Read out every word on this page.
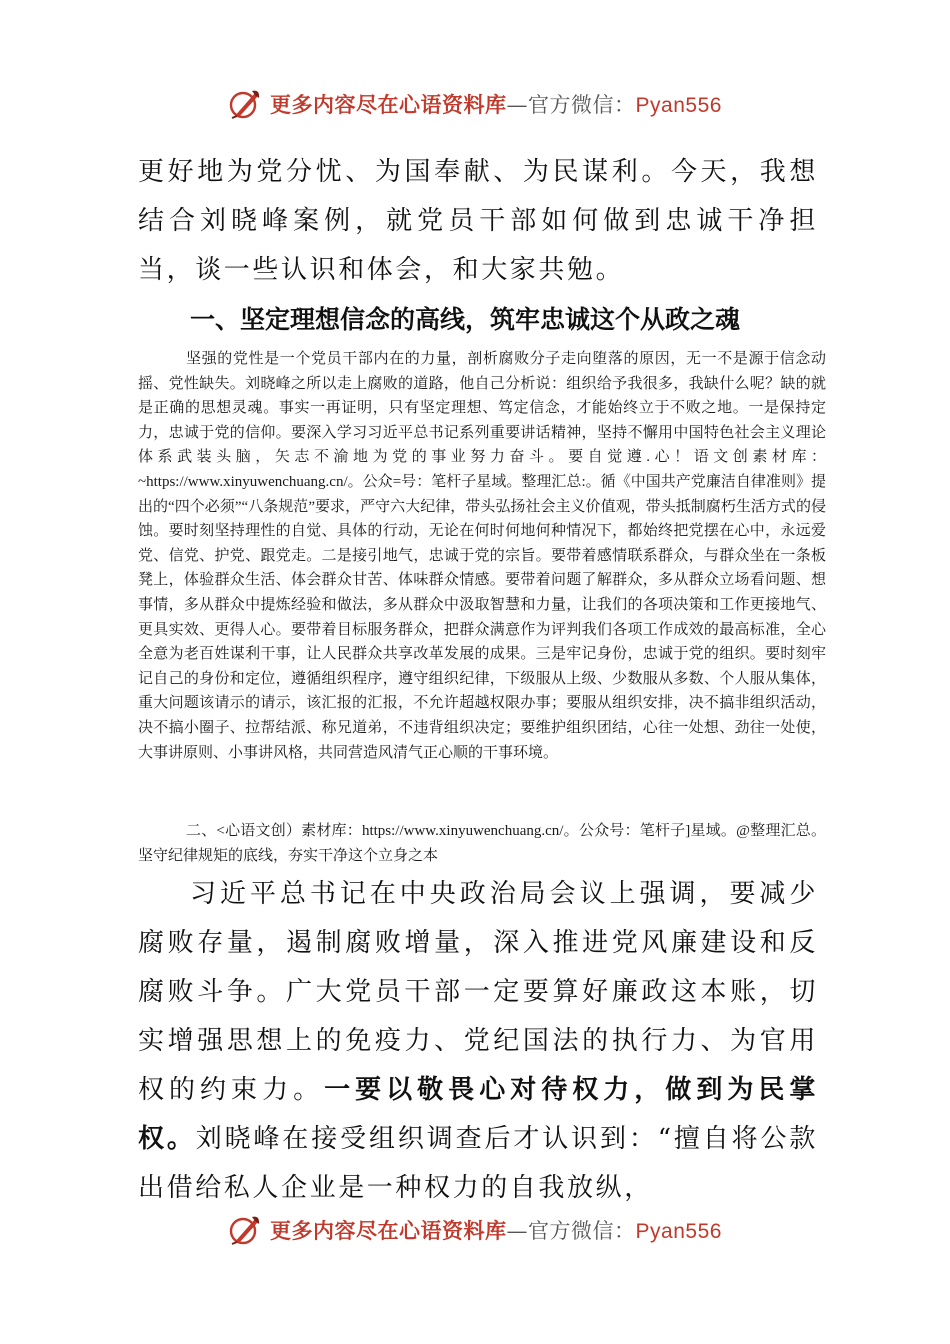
更多内容尽在心语资料库—官方微信：Pyan556

更好地为党分忧、为国奉献、为民谋利。今天，我想结合刘晓峰案例，就党员干部如何做到忠诚干净担当，谈一些认识和体会，和大家共勉。

一、坚定理想信念的高线，筑牢忠诚这个从政之魂

坚强的党性是一个党员干部内在的力量，剖析腐败分子走向堕落的原因，无一不是源于信念动摇、党性缺失。刘晓峰之所以走上腐败的道路，他自己分析说：组织给予我很多，我缺什么呢？缺的就是正确的思想灵魂。事实一再证明，只有坚定理想、笃定信念，才能始终立于不败之地。一是保持定力，忠诚于党的信仰。要深入学习习近平总书记系列重要讲话精神，坚持不懈用中国特色社会主义理论体系武装头脑，矢志不渝地为党的事业努力奋斗。要自觉遵.心！语文创素材库：~https://www.xinyuwenchuang.cn/。公众=号：笔杆子星域。整理汇总:。循《中国共产党廉洁自律准则》提出的“四个必须”“八条规范”要求，严守六大纪律，带头弘扬社会主义价值观，带头抵制腐朽生活方式的侵蚀。要时刻坚持理性的自觉、具体的行动，无论在何时何地何种情况下，都始终把党摆在心中，永远爱党、信党、护党、跟党走。二是接引地气，忠诚于党的宗旨。要带着感情联系群众，与群众坐在一条板凳上，体验群众生活、体会群众甘苦、体味群众情感。要带着问题了解群众，多从群众立场看问题、想事情，多从群众中提炼经验和做法，多从群众中汲取智慧和力量，让我们的各项决策和工作更接地气、更具实效、更得人心。要带着目标服务群众，把群众满意作为评判我们各项工作成效的最高标准，全心全意为老百姓谋利干事，让人民群众共享改革发展的成果。三是牢记身份，忠诚于党的组织。要时刻牢记自己的身份和定位，遵循组织程序，遵守组织纪律，下级服从上级、少数服从多数、个人服从集体，重大问题该请示的请示，该汇报的汇报，不允许超越权限办事；要服从组织安排，决不搞非组织活动，决不搞小圈子、拉帮结派、称兄道弟，不违背组织决定；要维护组织团结，心往一处想、劲往一处使，大事讲原则、小事讲风格，共同营造风清气正心顺的干事环境。

二、<心语文创）素材库：https://www.xinyuwenchuang.cn/。公众号：笔杆子]星域。@整理汇总。坚守纪律规矩的底线，夯实干净这个立身之本

习近平总书记在中央政治局会议上强调，要减少腐败存量，遏制腐败增量，深入推进党风廉建设和反腐败斗争。广大党员干部一定要算好廉政这本账，切实增强思想上的免疫力、党纪国法的执行力、为官用权的约束力。一要以敬畏心对待权力，做到为民掌权。刘晓峰在接受组织调查后才认识到：“擅自将公款出借给私人企业是一种权力的自我放纵，

更多内容尽在心语资料库—官方微信：Pyan556
